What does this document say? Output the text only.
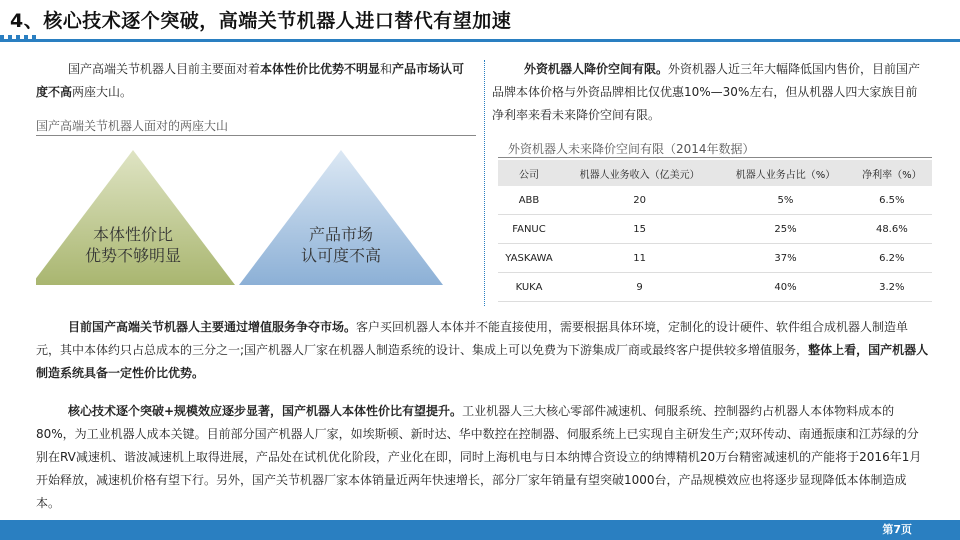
4、核心技术逐个突破，高端关节机器人进口替代有望加速
国产高端关节机器人目前主要面对着本体性价比优势不明显和产品市场认可度不高两座大山。
国产高端关节机器人面对的两座大山
本体性价比
优势不够明显
产品市场
认可度不高
外资机器人降价空间有限。外资机器人近三年大幅降低国内售价，目前国产品牌本体价格与外资品牌相比仅优惠10%—30%左右，但从机器人四大家族目前净利率来看未来降价空间有限。
外资机器人未来降价空间有限（2014年数据）
公司	机器人业务收入（亿美元）	机器人业务占比（%）	净利率（%）
ABB	20	5%	6.5%
FANUC	15	25%	48.6%
YASKAWA	11	37%	6.2%
KUKA	9	40%	3.2%
目前国产高端关节机器人主要通过增值服务争夺市场。客户买回机器人本体并不能直接使用，需要根据具体环境，定制化的设计硬件、软件组合成机器人制造单元，其中本体约只占总成本的三分之一;国产机器人厂家在机器人制造系统的设计、集成上可以免费为下游集成厂商或最终客户提供较多增值服务，整体上看，国产机器人制造系统具备一定性价比优势。
核心技术逐个突破+规模效应逐步显著，国产机器人本体性价比有望提升。工业机器人三大核心零部件减速机、伺服系统、控制器约占机器人本体物料成本的80%，为工业机器人成本关键。目前部分国产机器人厂家，如埃斯顿、新时达、华中数控在控制器、伺服系统上已实现自主研发生产;双环传动、南通振康和江苏绿的分别在RV减速机、谐波减速机上取得进展，产品处在试机优化阶段，产业化在即，同时上海机电与日本纳博合资设立的纳博精机20万台精密减速机的产能将于2016年1月开始释放，减速机价格有望下行。另外，国产关节机器厂家本体销量近两年快速增长，部分厂家年销量有望突破1000台，产品规模效应也将逐步显现降低本体制造成本。
第7页
